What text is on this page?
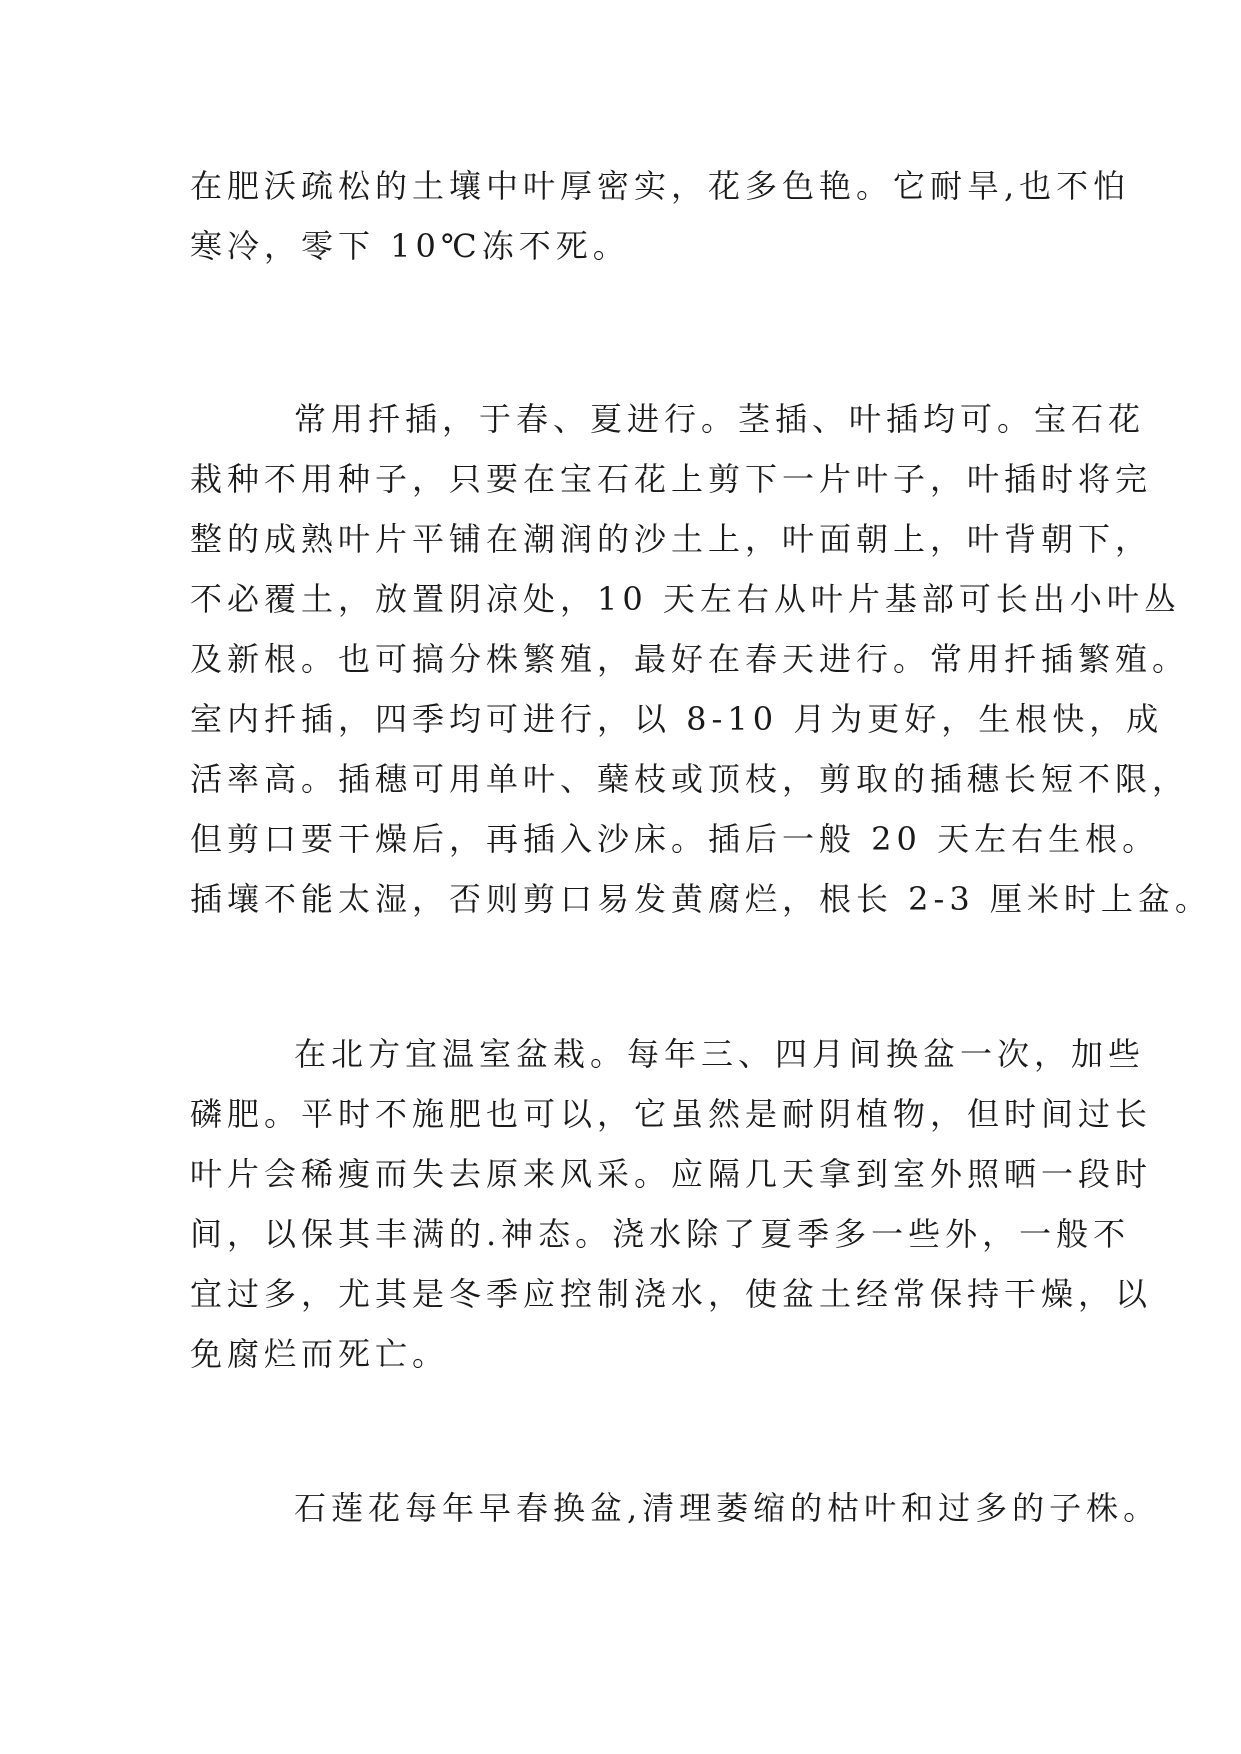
在肥沃疏松的土壤中叶厚密实，花多色艳。它耐旱,也不怕
寒冷，零下 10℃冻不死。
常用扦插，于春、夏进行。茎插、叶插均可。宝石花
栽种不用种子，只要在宝石花上剪下一片叶子，叶插时将完
整的成熟叶片平铺在潮润的沙土上，叶面朝上，叶背朝下，
不必覆土，放置阴凉处，10 天左右从叶片基部可长出小叶丛
及新根。也可搞分株繁殖，最好在春天进行。常用扦插繁殖。
室内扦插，四季均可进行，以 8-10 月为更好，生根快，成
活率高。插穗可用单叶、蘖枝或顶枝，剪取的插穗长短不限，
但剪口要干燥后，再插入沙床。插后一般 20 天左右生根。
插壤不能太湿，否则剪口易发黄腐烂，根长 2-3 厘米时上盆。
在北方宜温室盆栽。每年三、四月间换盆一次，加些
磷肥。平时不施肥也可以，它虽然是耐阴植物，但时间过长
叶片会稀瘦而失去原来风采。应隔几天拿到室外照晒一段时
间，以保其丰满的.神态。浇水除了夏季多一些外，一般不
宜过多，尤其是冬季应控制浇水，使盆土经常保持干燥，以
免腐烂而死亡。
石莲花每年早春换盆,清理萎缩的枯叶和过多的子株。
